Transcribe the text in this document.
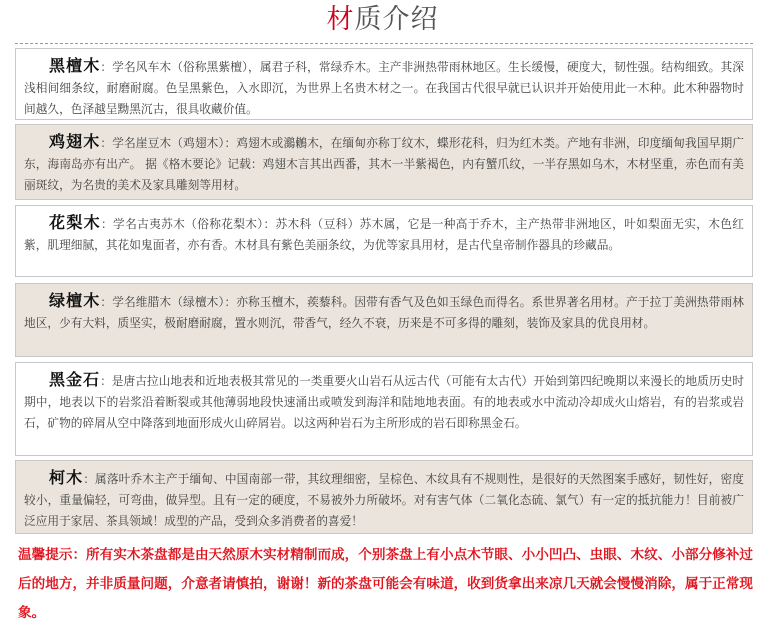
材质介绍

黑檀木：学名风车木（俗称黑紫檀），属君子科，常绿乔木。主产非洲热带雨林地区。生长缓慢，硬度大，韧性强。结构细致。其深浅相间细条纹，耐磨耐腐。色呈黑紫色，入水即沉，为世界上名贵木材之一。在我国古代很早就已认识并开始使用此一木种。此木种器物时间越久，色泽越呈黝黑沉古，很具收藏价值。

鸡翅木：学名崖豆木（鸡翅木）：鸡翅木或鸂鶒木，在缅甸亦称丁纹木，蝶形花科，归为红木类。产地有非洲，印度缅甸我国早期广东，海南岛亦有出产。 据《格木要论》记载：鸡翅木言其出西番，其木一半紫褐色，内有蟹爪纹，一半存黑如乌木，木材坚重，赤色而有美丽斑纹，为名贵的美术及家具雕刻等用材。

花梨木：学名古夷苏木（俗称花梨木）：苏木科（豆科）苏木属，它是一种高于乔木，主产热带非洲地区，叶如梨面无实，木色红紫，肌理细腻，其花如鬼面者，亦有香。木材具有紫色美丽条纹，为优等家具用材，是古代皇帝制作器具的珍藏品。

绿檀木：学名维腊木（绿檀木）：亦称玉檀木，蒺藜科。因带有香气及色如玉绿色而得名。系世界著名用材。产于拉丁美洲热带雨林地区，少有大料，质坚实，极耐磨耐腐，置水则沉，带香气，经久不衰，历来是不可多得的雕刻，装饰及家具的优良用材。

黑金石：是唐古拉山地表和近地表极其常见的一类重要火山岩石从远古代（可能有太古代）开始到第四纪晚期以来漫长的地质历史时期中，地表以下的岩浆沿着断裂或其他薄弱地段快速涌出或喷发到海洋和陆地地表面。有的地表或水中流动冷却成火山熔岩，有的岩浆或岩石，矿物的碎屑从空中降落到地面形成火山碎屑岩。以这两种岩石为主所形成的岩石即称黑金石。

柯木：属落叶乔木主产于缅甸、中国南部一带，其纹理细密，呈棕色、木纹具有不规则性，是很好的天然图案手感好，韧性好，密度较小，重量偏轻，可弯曲，做异型。且有一定的硬度，不易被外力所破坏。对有害气体（二氧化态硫、氯气）有一定的抵抗能力！目前被广泛应用于家居、茶具领域！成型的产品，受到众多消费者的喜爱！

温馨提示：所有实木茶盘都是由天然原木实材精制而成，个别茶盘上有小点木节眼、小小凹凸、虫眼、木纹、小部分修补过后的地方，并非质量问题，介意者请慎拍，谢谢！新的茶盘可能会有味道，收到货拿出来凉几天就会慢慢消除，属于正常现象。
